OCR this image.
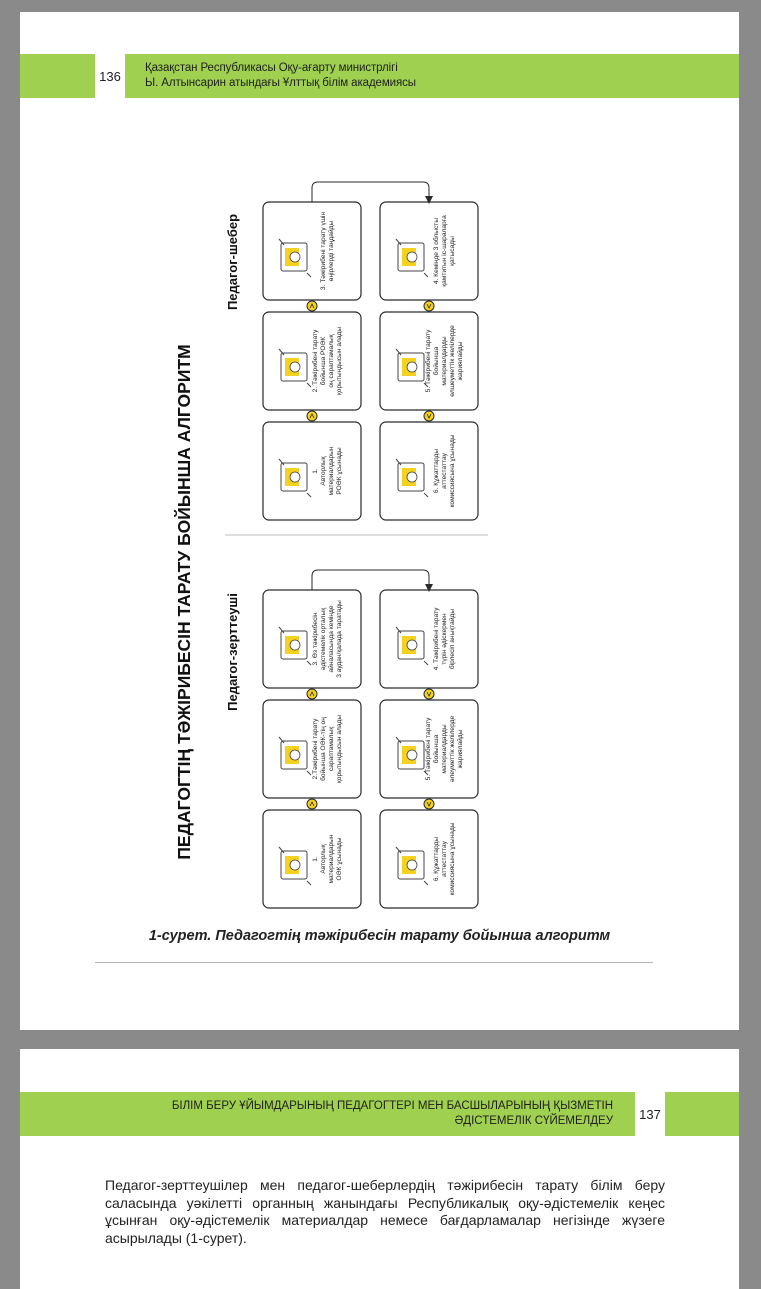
136
Қазақстан Республикасы Оқу-ағарту министрлігі
Ы. Алтынсарин атындағы Ұлттық білім академиясы
ПЕДАГОГТІҢ ТӘЖІРИБЕСІН ТАРАТУ БОЙЫНША АЛГОРИТМ
Педагог-шебер
1.АвторлықматериалдарынРОӘК ұсынады
2. Тәжірибені таратубойынша РОӘКоң сараптамалыққорытындысын алады
3. Тәжірибені тарату үшінөңірлерді таңдайды	4. Кемінде 3 облыстықамтитын іс-шараларғақатысады
5. Тәжірибені таратубойыншаматериалдардыөлшеуметтік желілердежариялайды
6. Құжаттардыаттестаттаукомиссиясына ұсынады
Педагог-зерттеуші
1.АвторлықматериалдарынОӘК ұсынады
2.Тәжірибені таратубойынша ОӘК-тің оңсараптамалыққорытындысын алады
3. Өз тәжірибесінәдістемелік орталықайналасында кемінде3 аудан/қалада таратады	4. Тәжірибені таратутүрін әдіскерменбірлесіп анықтайды
5. Тәжірибені таратубойыншаматериалдардыәлеуметтік желілердежариялайды
6. Құжаттардыаттестаттаукомиссиясына ұсынады
1-сурет. Педагогтің тәжірибесін тарату бойынша алгоритм
БІЛІМ БЕРУ ҰЙЫМДАРЫНЫҢ ПЕДАГОГТЕРІ МЕН БАСШЫЛАРЫНЫҢ ҚЫЗМЕТІН
ӘДІСТЕМЕЛІК СҮЙЕМЕЛДЕУ	137
Педагог-зерттеушілер мен педагог-шеберлердің тәжірибесін тарату білім беру саласында уәкілетті органның жанындағы Республикалық оқу-әдістемелік кеңес ұсынған оқу-әдістемелік материалдар немесе бағдарламалар негізінде жүзеге асырылады (1-сурет).
